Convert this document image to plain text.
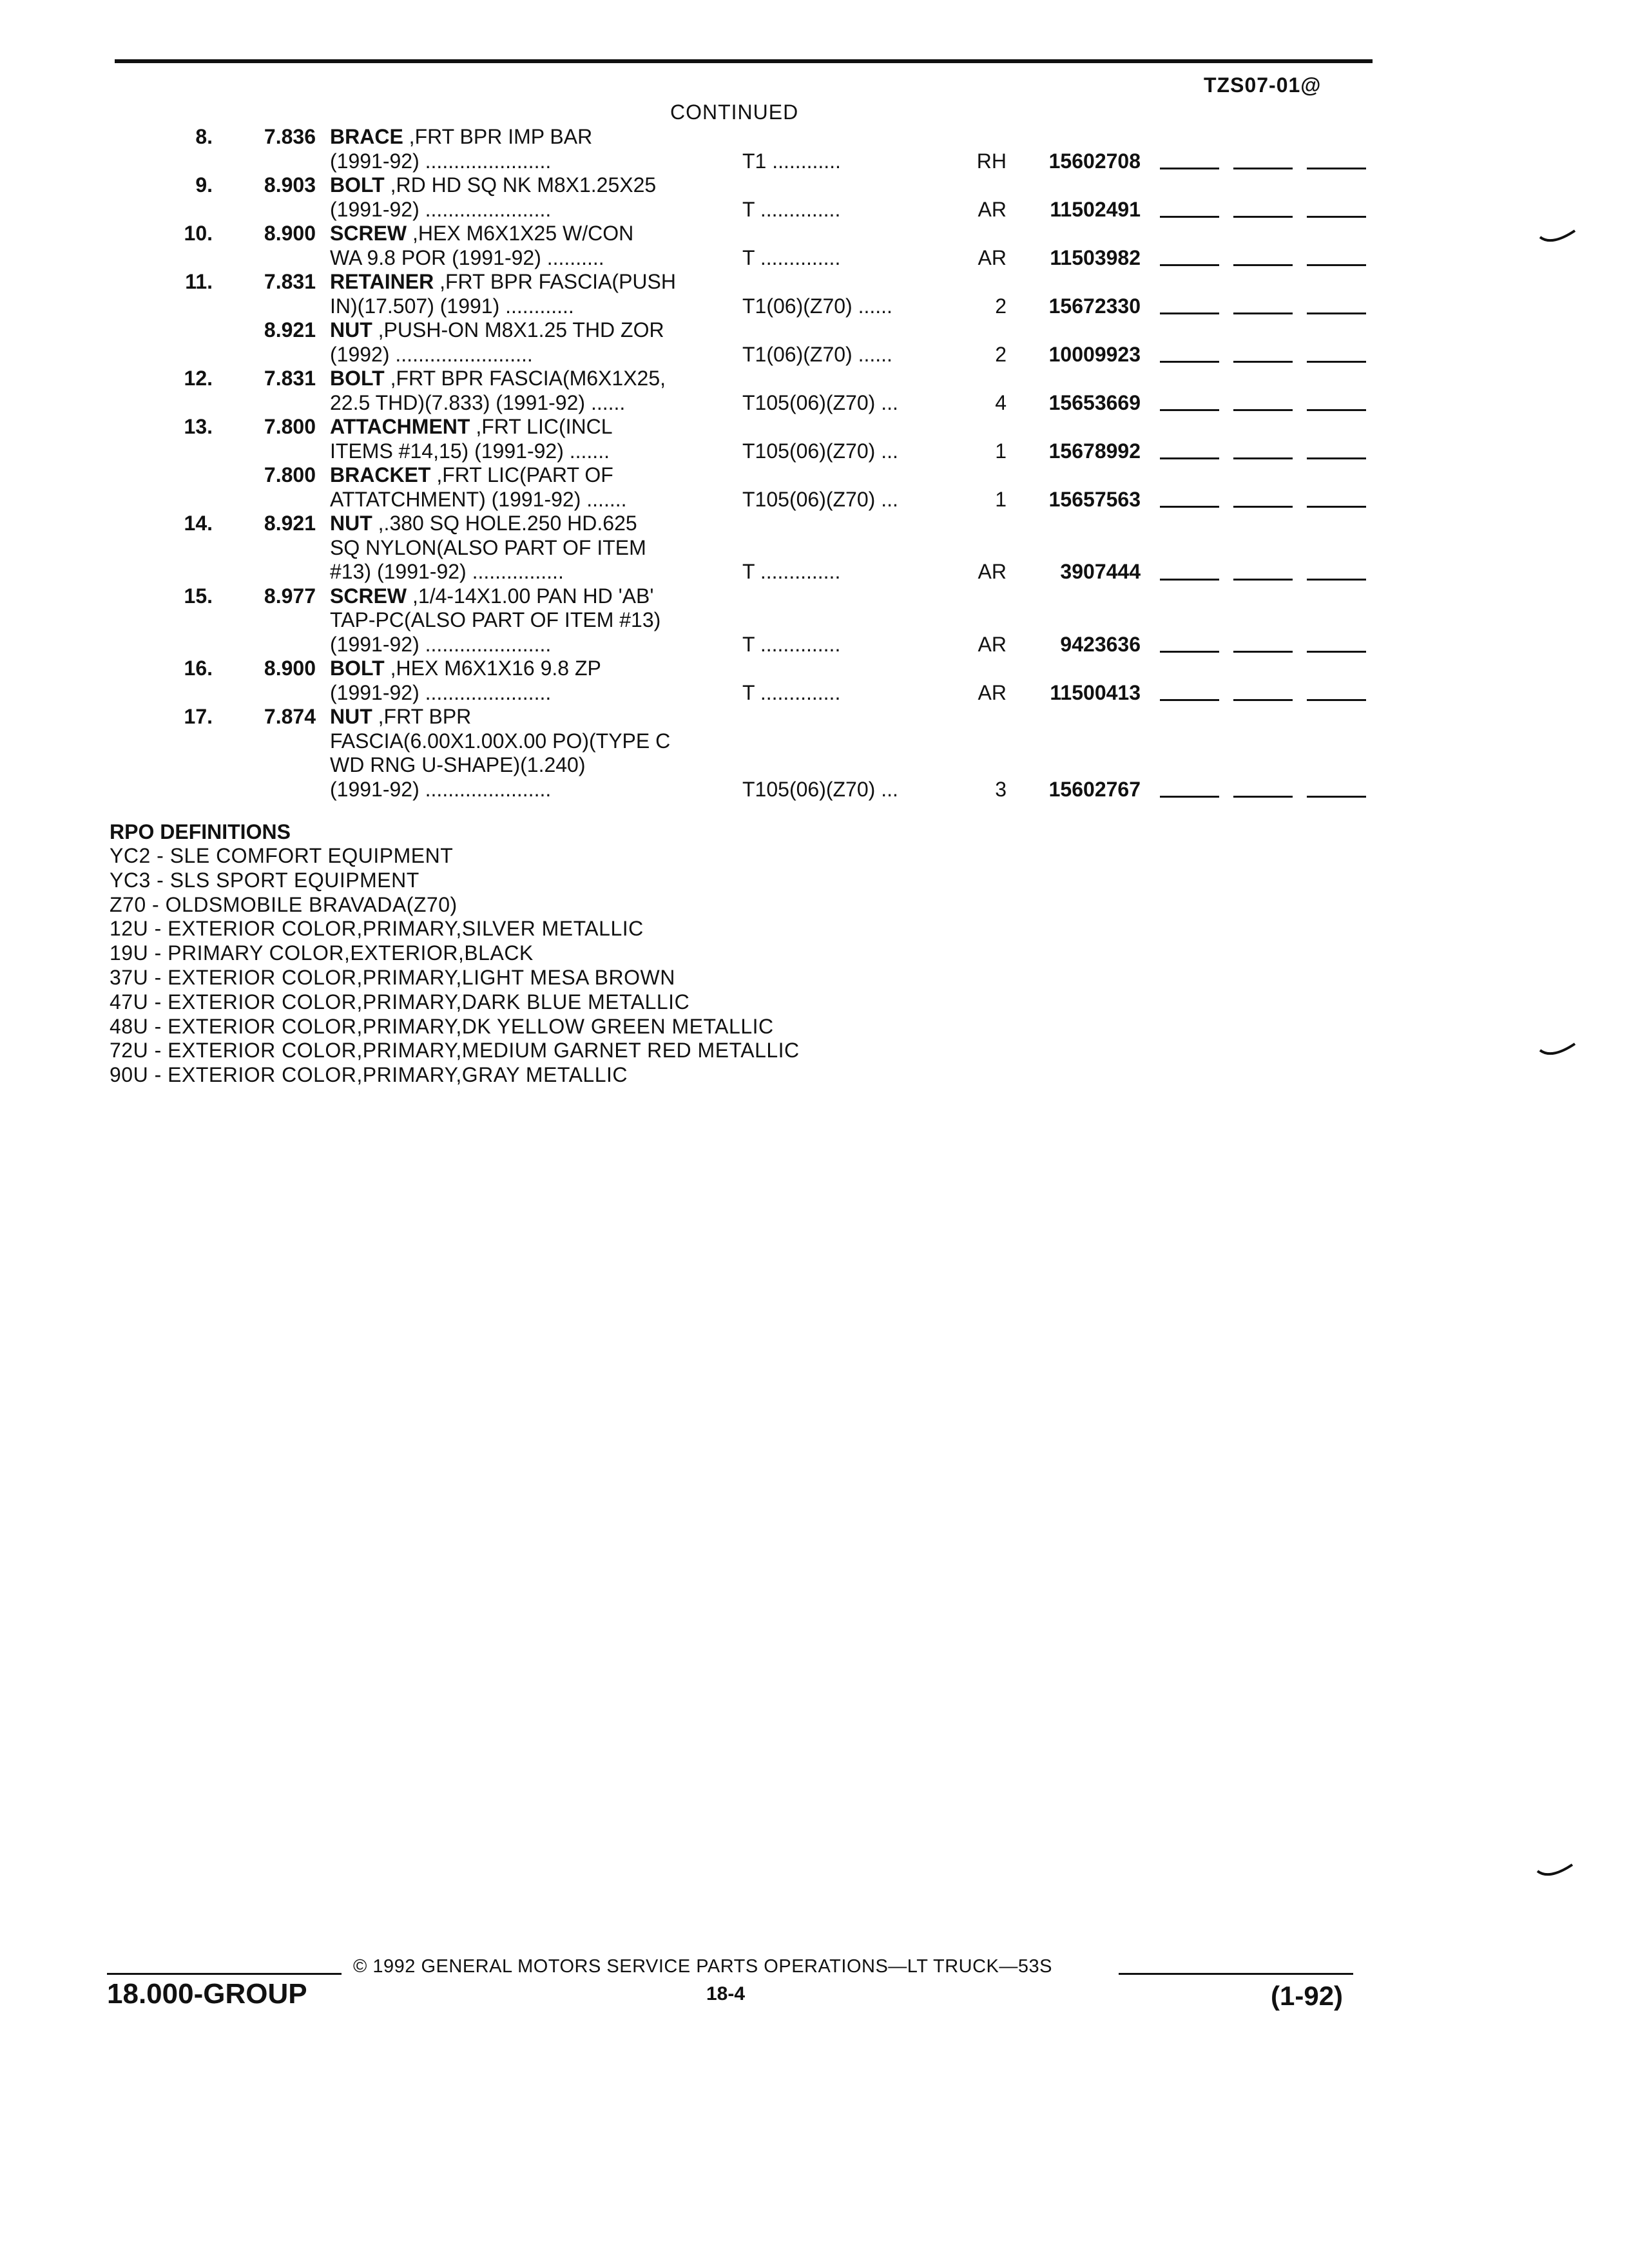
TZS07-01@
CONTINUED
8.	7.836 BRACE ,FRT BPR IMP BAR
(1991-92) ......................	T1 ............	RH	15602708
9.	8.903 BOLT ,RD HD SQ NK M8X1.25X25
(1991-92) ......................	T ..............	AR	11502491
10.	8.900 SCREW ,HEX M6X1X25 W/CON
WA 9.8 POR (1991-92) ..........	T ..............	AR	11503982
11.	7.831 RETAINER ,FRT BPR FASCIA(PUSH
IN)(17.507) (1991) ............	T1(06)(Z70) ......	2	15672330
8.921 NUT ,PUSH-ON M8X1.25 THD ZOR
(1992) ........................	T1(06)(Z70) ......	2	10009923
12.	7.831 BOLT ,FRT BPR FASCIA(M6X1X25,
22.5 THD)(7.833) (1991-92) ......	T105(06)(Z70) ...	4	15653669
13.	7.800 ATTACHMENT ,FRT LIC(INCL
ITEMS #14,15) (1991-92) .......	T105(06)(Z70) ...	1	15678992
7.800 BRACKET ,FRT LIC(PART OF
ATTATCHMENT) (1991-92) .......	T105(06)(Z70) ...	1	15657563
14.	8.921 NUT ,.380 SQ HOLE.250 HD.625
SQ NYLON(ALSO PART OF ITEM
#13) (1991-92) ................	T ..............	AR	3907444
15.	8.977 SCREW ,1/4-14X1.00 PAN HD 'AB'
TAP-PC(ALSO PART OF ITEM #13)
(1991-92) ......................	T ..............	AR	9423636
16.	8.900 BOLT ,HEX M6X1X16 9.8 ZP
(1991-92) ......................	T ..............	AR	11500413
17.	7.874 NUT ,FRT BPR
FASCIA(6.00X1.00X.00 PO)(TYPE C
WD RNG U-SHAPE)(1.240)
(1991-92) ......................	T105(06)(Z70) ...	3	15602767
RPO DEFINITIONS
YC2 - SLE COMFORT EQUIPMENT
YC3 - SLS SPORT EQUIPMENT
Z70 - OLDSMOBILE BRAVADA(Z70)
12U - EXTERIOR COLOR,PRIMARY,SILVER METALLIC
19U - PRIMARY COLOR,EXTERIOR,BLACK
37U - EXTERIOR COLOR,PRIMARY,LIGHT MESA BROWN
47U - EXTERIOR COLOR,PRIMARY,DARK BLUE METALLIC
48U - EXTERIOR COLOR,PRIMARY,DK YELLOW GREEN METALLIC
72U - EXTERIOR COLOR,PRIMARY,MEDIUM GARNET RED METALLIC
90U - EXTERIOR COLOR,PRIMARY,GRAY METALLIC
© 1992 GENERAL MOTORS SERVICE PARTS OPERATIONS—LT TRUCK—53S
18.000-GROUP	18-4	(1-92)
